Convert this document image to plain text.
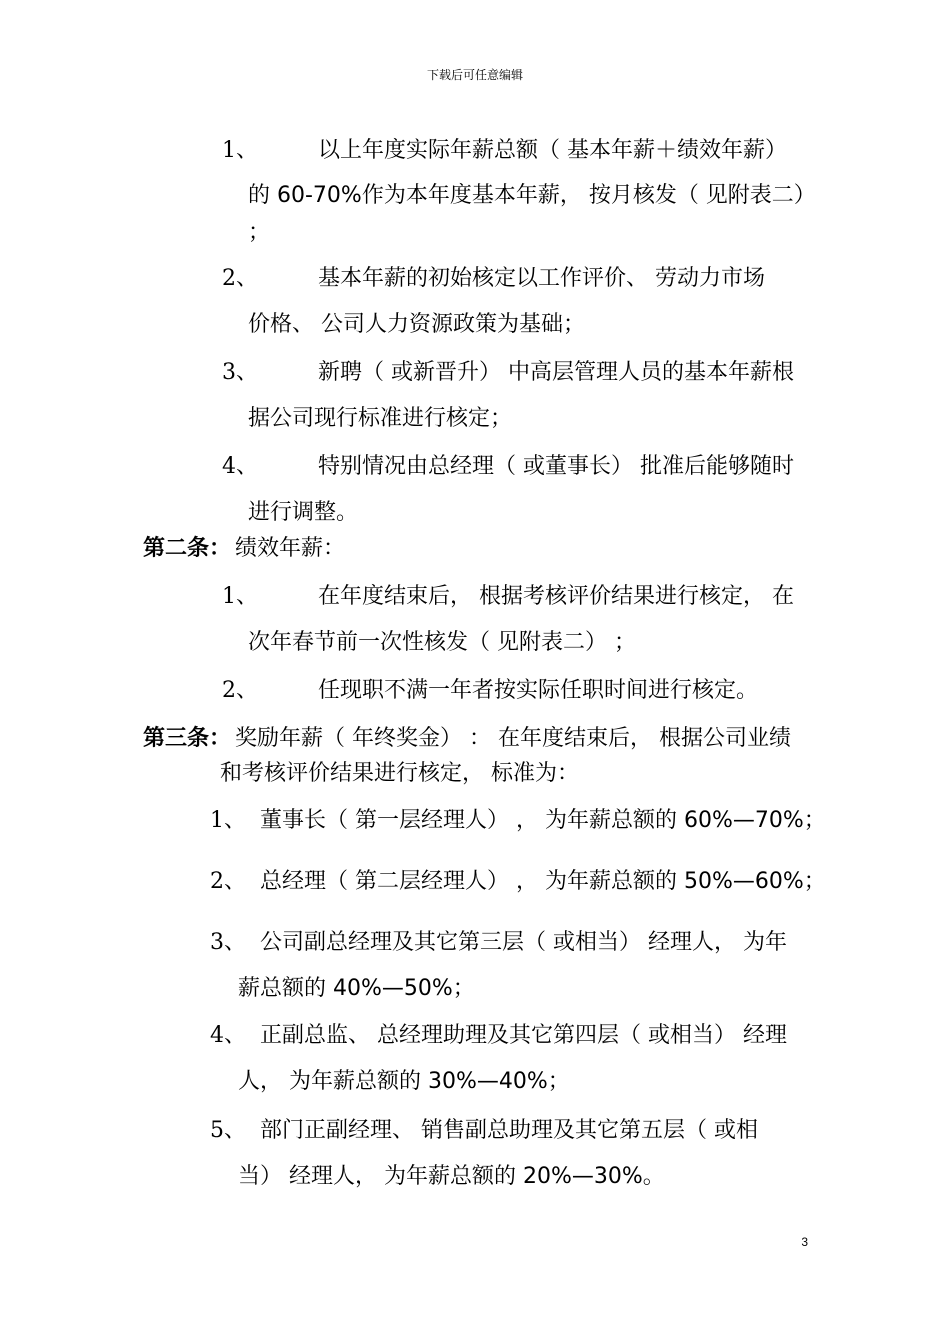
下载后可任意编辑
1、	以上年度实际年薪总额（ 基本年薪＋绩效年薪）
的 60-70%作为本年度基本年薪， 按月核发（ 见附表二）
；
2、	基本年薪的初始核定以工作评价、 劳动力市场
价格、 公司人力资源政策为基础；
3、	新聘（ 或新晋升） 中高层管理人员的基本年薪根
据公司现行标准进行核定；
4、	特别情况由总经理（ 或董事长） 批准后能够随时
进行调整。
第二条： 绩效年薪：
1、	在年度结束后， 根据考核评价结果进行核定， 在
次年春节前一次性核发（ 见附表二） ；
2、	任现职不满一年者按实际任职时间进行核定。
第三条： 奖励年薪（ 年终奖金） ： 在年度结束后， 根据公司业绩
和考核评价结果进行核定， 标准为：
1、 董事长（ 第一层经理人） ， 为年薪总额的 60%—70%；
2、 总经理（ 第二层经理人） ， 为年薪总额的 50%—60%；
3、 公司副总经理及其它第三层（ 或相当） 经理人， 为年
薪总额的 40%—50%；
4、 正副总监、 总经理助理及其它第四层（ 或相当） 经理
人， 为年薪总额的 30%—40%；
5、 部门正副经理、 销售副总助理及其它第五层（ 或相
当） 经理人， 为年薪总额的 20%—30%。
3
